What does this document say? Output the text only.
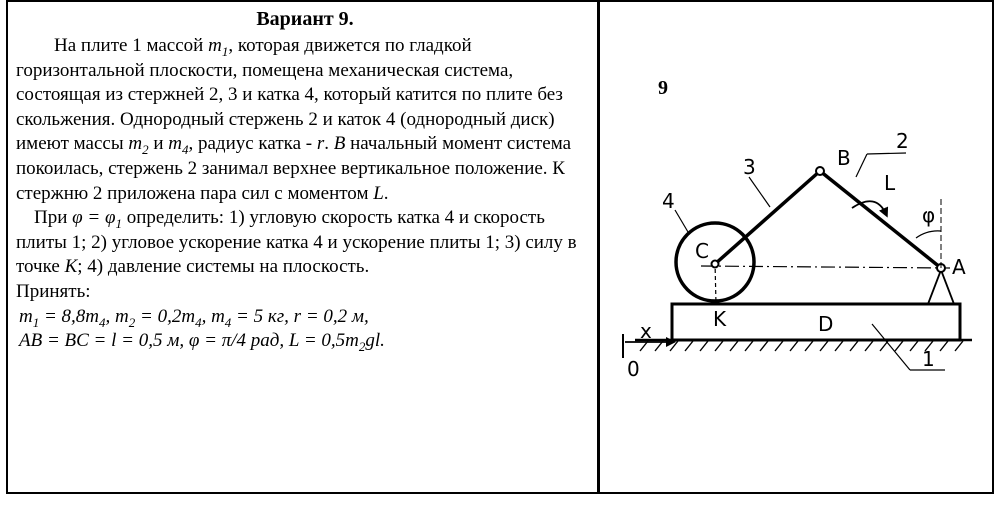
Вариант 9.

На плите 1 массой $m_1$, которая движется по гладкой горизонтальной плоскости, помещена механическая система, состоящая из стержней 2, 3 и катка 4, который катится по плите без скольжения. Однородный стержень 2 и каток 4 (однородный диск) имеют массы $m_2$ и $m_4$, радиус катка - r. B начальный момент система покоилась, стержень 2 занимал верхнее вертикальное положение. К стержню 2 приложена пара сил с моментом L.

При $\varphi = \varphi_1$ определить: 1) угловую скорость катка 4 и скорость плиты 1; 2) угловое ускорение катка 4 и ускорение плиты 1; 3) силу в точке K; 4) давление системы на плоскость.

Принять:

$m_1 = 8,8m_4$, $m_2 = 0,2m_4$, $m_4 = 5$ кг, r = 0,2 м,

AB = BC = l = 0,5 м, φ = π/4 рад, $L = 0,5m_2gl$.

9
B
2
3
4
L
φ
C
A
K	D
x
0	1
